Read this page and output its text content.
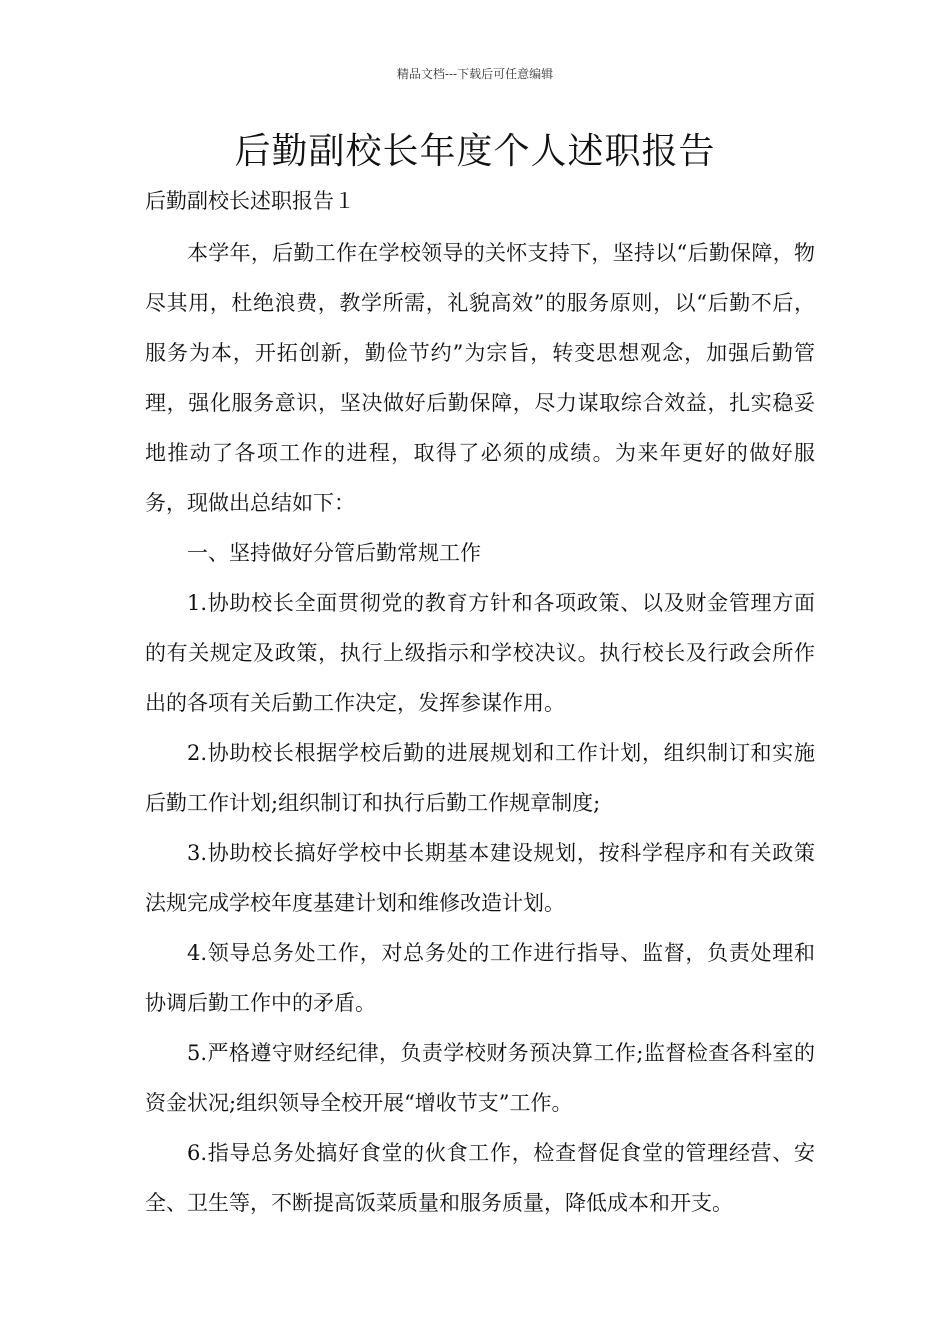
精品文档---下载后可任意编辑
后勤副校长年度个人述职报告
后勤副校长述职报告１

本学年，后勤工作在学校领导的关怀支持下，坚持以“后勤保障，物尽其用，杜绝浪费，教学所需，礼貌高效”的服务原则，以“后勤不后，服务为本，开拓创新，勤俭节约”为宗旨，转变思想观念，加强后勤管理，强化服务意识，坚决做好后勤保障，尽力谋取综合效益，扎实稳妥地推动了各项工作的进程，取得了必须的成绩。为来年更好的做好服务，现做出总结如下：

一、坚持做好分管后勤常规工作

1.协助校长全面贯彻党的教育方针和各项政策、以及财金管理方面的有关规定及政策，执行上级指示和学校决议。执行校长及行政会所作出的各项有关后勤工作决定，发挥参谋作用。

2.协助校长根据学校后勤的进展规划和工作计划，组织制订和实施后勤工作计划;组织制订和执行后勤工作规章制度;

3.协助校长搞好学校中长期基本建设规划，按科学程序和有关政策法规完成学校年度基建计划和维修改造计划。

4.领导总务处工作，对总务处的工作进行指导、监督，负责处理和协调后勤工作中的矛盾。

5.严格遵守财经纪律，负责学校财务预决算工作;监督检查各科室的资金状况;组织领导全校开展“增收节支”工作。

6.指导总务处搞好食堂的伙食工作，检查督促食堂的管理经营、安全、卫生等，不断提高饭菜质量和服务质量，降低成本和开支。
